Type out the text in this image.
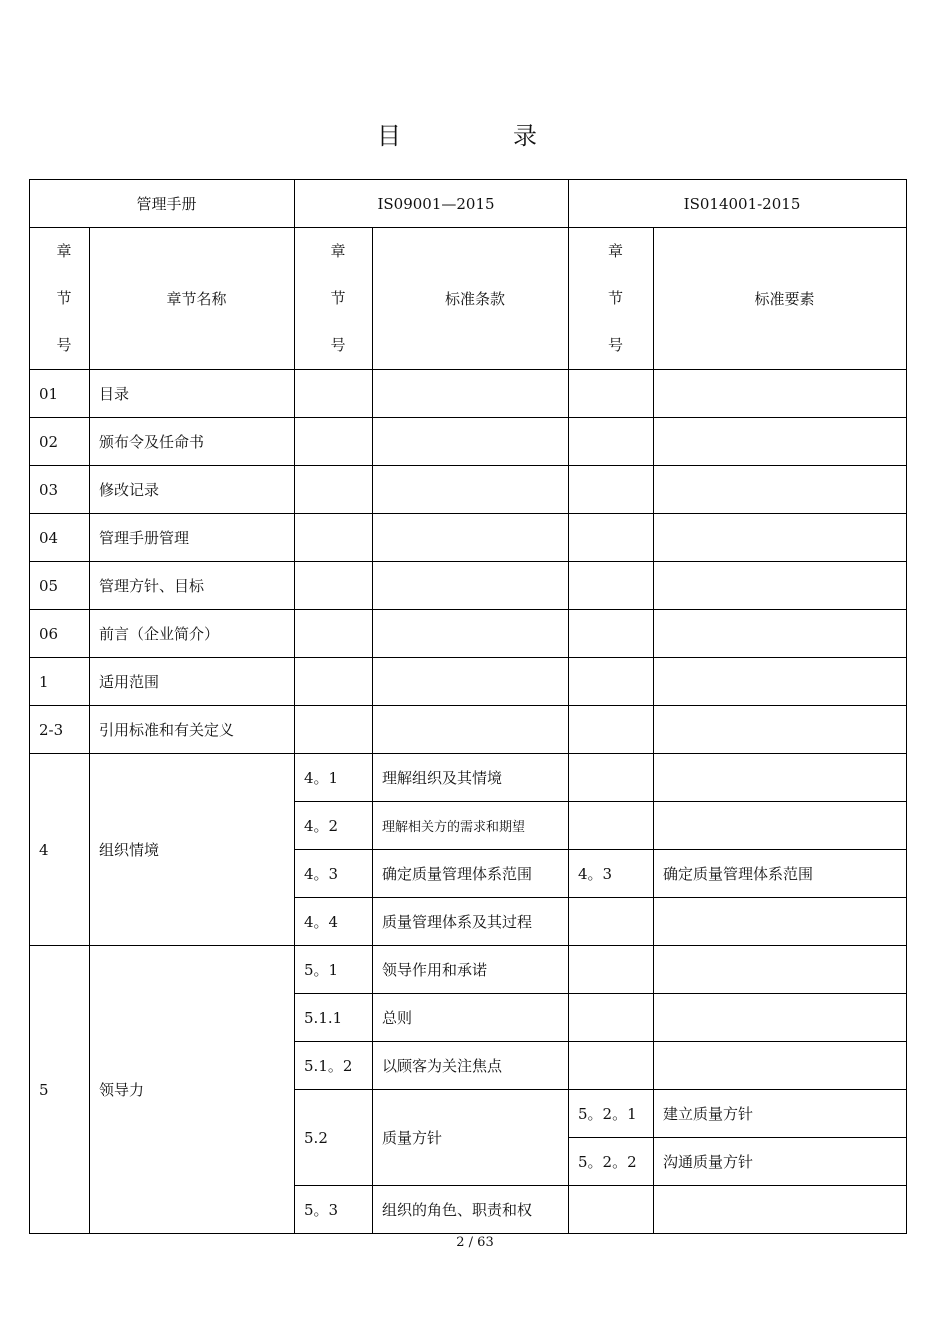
目　录
管理手册		IS09001—2015		IS014001-2015	

章
节
号	章节名称	章
节
号	标准条款	章
节
号	标准要素
01	目录				
02	颁布令及任命书				
03	修改记录				
04	管理手册管理				
05	管理方针、目标				
06	前言（企业简介）				
1	适用范围				
2-3	引用标准和有关定义				
4	组织情境	4。1	理解组织及其情境		
		4。2	理解相关方的需求和期望		
		4。3	确定质量管理体系范围	4。3	确定质量管理体系范围
		4。4	质量管理体系及其过程		
5	领导力	5。1	领导作用和承诺		
		5.1.1	总则		
		5.1。2	以顾客为关注焦点		
		5.2	质量方针	5。2。1	建立质量方针
				5。2。2	沟通质量方针
		5。3	组织的角色、职责和权		
2 / 63
